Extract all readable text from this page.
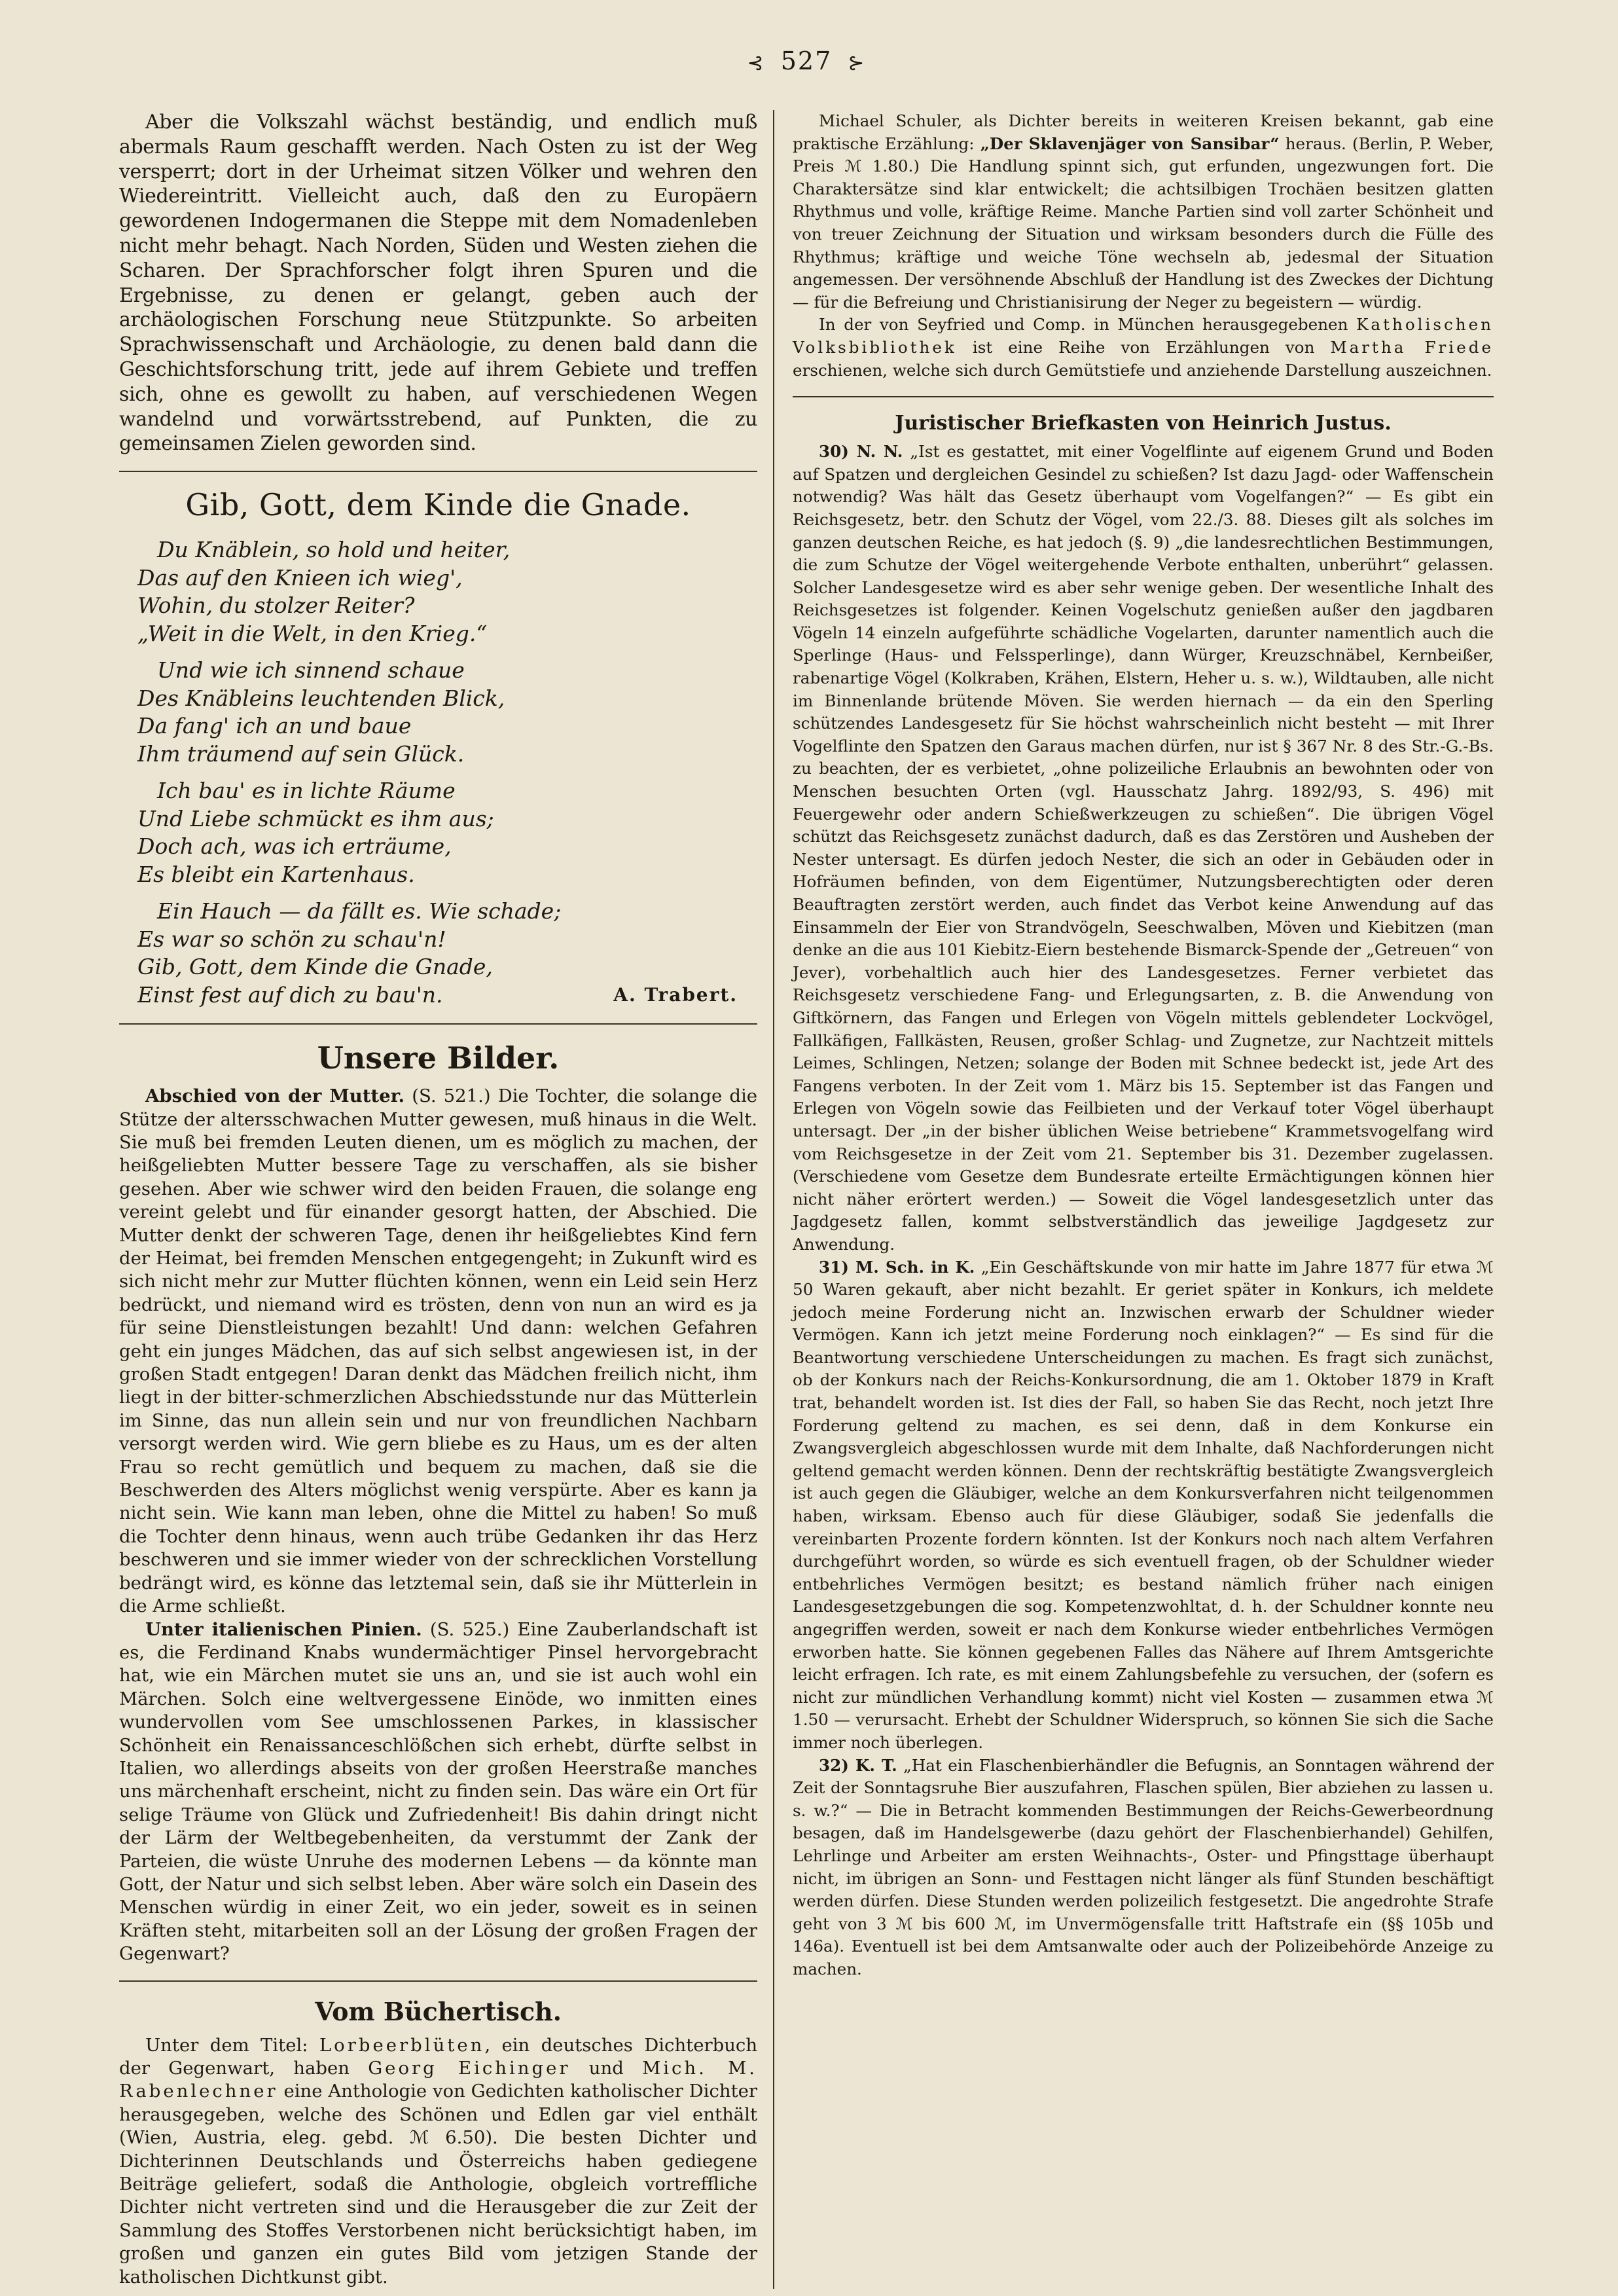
⊰ 527 ⊱

Aber die Volkszahl wächst beständig, und endlich muß abermals Raum geschafft werden. Nach Osten zu ist der Weg versperrt; dort in der Urheimat sitzen Völker und wehren den Wiedereintritt. Vielleicht auch, daß den zu Europäern gewordenen Indogermanen die Steppe mit dem Nomadenleben nicht mehr behagt. Nach Norden, Süden und Westen ziehen die Scharen. Der Sprachforscher folgt ihren Spuren und die Ergebnisse, zu denen er gelangt, geben auch der archäologischen Forschung neue Stützpunkte. So arbeiten Sprachwissenschaft und Archäologie, zu denen bald dann die Geschichtsforschung tritt, jede auf ihrem Gebiete und treffen sich, ohne es gewollt zu haben, auf verschiedenen Wegen wandelnd und vorwärtsstrebend, auf Punkten, die zu gemeinsamen Zielen geworden sind.

Gib, Gott, dem Kinde die Gnade.
Du Knäblein, so hold und heiter,
Das auf den Knieen ich wieg',
Wohin, du stolzer Reiter?
„Weit in die Welt, in den Krieg.“
Und wie ich sinnend schaue
Des Knäbleins leuchtenden Blick,
Da fang' ich an und baue
Ihm träumend auf sein Glück.
Ich bau' es in lichte Räume
Und Liebe schmückt es ihm aus;
Doch ach, was ich erträume,
Es bleibt ein Kartenhaus.
Ein Hauch — da fällt es. Wie schade;
Es war so schön zu schau'n!
Gib, Gott, dem Kinde die Gnade,
Einst fest auf dich zu bau'n.	A. Trabert.
Unsere Bilder.

Abschied von der Mutter. (S. 521.) Die Tochter, die solange die Stütze der altersschwachen Mutter gewesen, muß hinaus in die Welt. Sie muß bei fremden Leuten dienen, um es möglich zu machen, der heißgeliebten Mutter bessere Tage zu verschaffen, als sie bisher gesehen. Aber wie schwer wird den beiden Frauen, die solange eng vereint gelebt und für einander gesorgt hatten, der Abschied. Die Mutter denkt der schweren Tage, denen ihr heißgeliebtes Kind fern der Heimat, bei fremden Menschen entgegengeht; in Zukunft wird es sich nicht mehr zur Mutter flüchten können, wenn ein Leid sein Herz bedrückt, und niemand wird es trösten, denn von nun an wird es ja für seine Dienstleistungen bezahlt! Und dann: welchen Gefahren geht ein junges Mädchen, das auf sich selbst angewiesen ist, in der großen Stadt entgegen! Daran denkt das Mädchen freilich nicht, ihm liegt in der bitter-schmerzlichen Abschiedsstunde nur das Mütterlein im Sinne, das nun allein sein und nur von freundlichen Nachbarn versorgt werden wird. Wie gern bliebe es zu Haus, um es der alten Frau so recht gemütlich und bequem zu machen, daß sie die Beschwerden des Alters möglichst wenig verspürte. Aber es kann ja nicht sein. Wie kann man leben, ohne die Mittel zu haben! So muß die Tochter denn hinaus, wenn auch trübe Gedanken ihr das Herz beschweren und sie immer wieder von der schrecklichen Vorstellung bedrängt wird, es könne das letztemal sein, daß sie ihr Mütterlein in die Arme schließt.

Unter italienischen Pinien. (S. 525.) Eine Zauberlandschaft ist es, die Ferdinand Knabs wundermächtiger Pinsel hervorgebracht hat, wie ein Märchen mutet sie uns an, und sie ist auch wohl ein Märchen. Solch eine weltvergessene Einöde, wo inmitten eines wundervollen vom See umschlossenen Parkes, in klassischer Schönheit ein Renaissanceschlößchen sich erhebt, dürfte selbst in Italien, wo allerdings abseits von der großen Heerstraße manches uns märchenhaft erscheint, nicht zu finden sein. Das wäre ein Ort für selige Träume von Glück und Zufriedenheit! Bis dahin dringt nicht der Lärm der Weltbegebenheiten, da verstummt der Zank der Parteien, die wüste Unruhe des modernen Lebens — da könnte man Gott, der Natur und sich selbst leben. Aber wäre solch ein Dasein des Menschen würdig in einer Zeit, wo ein jeder, soweit es in seinen Kräften steht, mitarbeiten soll an der Lösung der großen Fragen der Gegenwart?

Vom Büchertisch.

Unter dem Titel: Lorbeerblüten, ein deutsches Dichterbuch der Gegenwart, haben Georg Eichinger und Mich. M. Rabenlechner eine Anthologie von Gedichten katholischer Dichter herausgegeben, welche des Schönen und Edlen gar viel enthält (Wien, Austria, eleg. gebd. ℳ 6.50). Die besten Dichter und Dichterinnen Deutschlands und Österreichs haben gediegene Beiträge geliefert, sodaß die Anthologie, obgleich vortreffliche Dichter nicht vertreten sind und die Herausgeber die zur Zeit der Sammlung des Stoffes Verstorbenen nicht berücksichtigt haben, im großen und ganzen ein gutes Bild vom jetzigen Stande der katholischen Dichtkunst gibt.

Michael Schuler, als Dichter bereits in weiteren Kreisen bekannt, gab eine praktische Erzählung: „Der Sklavenjäger von Sansibar“ heraus. (Berlin, P. Weber, Preis ℳ 1.80.) Die Handlung spinnt sich, gut erfunden, ungezwungen fort. Die Charaktersätze sind klar entwickelt; die achtsilbigen Trochäen besitzen glatten Rhythmus und volle, kräftige Reime. Manche Partien sind voll zarter Schönheit und von treuer Zeichnung der Situation und wirksam besonders durch die Fülle des Rhythmus; kräftige und weiche Töne wechseln ab, jedesmal der Situation angemessen. Der versöhnende Abschluß der Handlung ist des Zweckes der Dichtung — für die Befreiung und Christianisirung der Neger zu begeistern — würdig.

In der von Seyfried und Comp. in München herausgegebenen Katholischen Volksbibliothek ist eine Reihe von Erzählungen von Martha Friede erschienen, welche sich durch Gemütstiefe und anziehende Darstellung auszeichnen.

Juristischer Briefkasten von Heinrich Justus.

30) N. N. „Ist es gestattet, mit einer Vogelflinte auf eigenem Grund und Boden auf Spatzen und dergleichen Gesindel zu schießen? Ist dazu Jagd- oder Waffenschein notwendig? Was hält das Gesetz überhaupt vom Vogelfangen?“ — Es gibt ein Reichsgesetz, betr. den Schutz der Vögel, vom 22./3. 88. Dieses gilt als solches im ganzen deutschen Reiche, es hat jedoch (§. 9) „die landesrechtlichen Bestimmungen, die zum Schutze der Vögel weitergehende Verbote enthalten, unberührt“ gelassen. Solcher Landesgesetze wird es aber sehr wenige geben. Der wesentliche Inhalt des Reichsgesetzes ist folgender. Keinen Vogelschutz genießen außer den jagdbaren Vögeln 14 einzeln aufgeführte schädliche Vogelarten, darunter namentlich auch die Sperlinge (Haus- und Felssperlinge), dann Würger, Kreuzschnäbel, Kernbeißer, rabenartige Vögel (Kolkraben, Krähen, Elstern, Heher u. s. w.), Wildtauben, alle nicht im Binnenlande brütende Möven. Sie werden hiernach — da ein den Sperling schützendes Landesgesetz für Sie höchst wahrscheinlich nicht besteht — mit Ihrer Vogelflinte den Spatzen den Garaus machen dürfen, nur ist § 367 Nr. 8 des Str.-G.-Bs. zu beachten, der es verbietet, „ohne polizeiliche Erlaubnis an bewohnten oder von Menschen besuchten Orten (vgl. Hausschatz Jahrg. 1892/93, S. 496) mit Feuergewehr oder andern Schießwerkzeugen zu schießen“. Die übrigen Vögel schützt das Reichsgesetz zunächst dadurch, daß es das Zerstören und Ausheben der Nester untersagt. Es dürfen jedoch Nester, die sich an oder in Gebäuden oder in Hofräumen befinden, von dem Eigentümer, Nutzungsberechtigten oder deren Beauftragten zerstört werden, auch findet das Verbot keine Anwendung auf das Einsammeln der Eier von Strandvögeln, Seeschwalben, Möven und Kiebitzen (man denke an die aus 101 Kiebitz-Eiern bestehende Bismarck-Spende der „Getreuen“ von Jever), vorbehaltlich auch hier des Landesgesetzes. Ferner verbietet das Reichsgesetz verschiedene Fang- und Erlegungsarten, z. B. die Anwendung von Giftkörnern, das Fangen und Erlegen von Vögeln mittels geblendeter Lockvögel, Fallkäfigen, Fallkästen, Reusen, großer Schlag- und Zugnetze, zur Nachtzeit mittels Leimes, Schlingen, Netzen; solange der Boden mit Schnee bedeckt ist, jede Art des Fangens verboten. In der Zeit vom 1. März bis 15. September ist das Fangen und Erlegen von Vögeln sowie das Feilbieten und der Verkauf toter Vögel überhaupt untersagt. Der „in der bisher üblichen Weise betriebene“ Krammetsvogelfang wird vom Reichsgesetze in der Zeit vom 21. September bis 31. Dezember zugelassen. (Verschiedene vom Gesetze dem Bundesrate erteilte Ermächtigungen können hier nicht näher erörtert werden.) — Soweit die Vögel landesgesetzlich unter das Jagdgesetz fallen, kommt selbstverständlich das jeweilige Jagdgesetz zur Anwendung.

31) M. Sch. in K. „Ein Geschäftskunde von mir hatte im Jahre 1877 für etwa ℳ 50 Waren gekauft, aber nicht bezahlt. Er geriet später in Konkurs, ich meldete jedoch meine Forderung nicht an. Inzwischen erwarb der Schuldner wieder Vermögen. Kann ich jetzt meine Forderung noch einklagen?“ — Es sind für die Beantwortung verschiedene Unterscheidungen zu machen. Es fragt sich zunächst, ob der Konkurs nach der Reichs-Konkursordnung, die am 1. Oktober 1879 in Kraft trat, behandelt worden ist. Ist dies der Fall, so haben Sie das Recht, noch jetzt Ihre Forderung geltend zu machen, es sei denn, daß in dem Konkurse ein Zwangsvergleich abgeschlossen wurde mit dem Inhalte, daß Nachforderungen nicht geltend gemacht werden können. Denn der rechtskräftig bestätigte Zwangsvergleich ist auch gegen die Gläubiger, welche an dem Konkursverfahren nicht teilgenommen haben, wirksam. Ebenso auch für diese Gläubiger, sodaß Sie jedenfalls die vereinbarten Prozente fordern könnten. Ist der Konkurs noch nach altem Verfahren durchgeführt worden, so würde es sich eventuell fragen, ob der Schuldner wieder entbehrliches Vermögen besitzt; es bestand nämlich früher nach einigen Landesgesetzgebungen die sog. Kompetenzwohltat, d. h. der Schuldner konnte neu angegriffen werden, soweit er nach dem Konkurse wieder entbehrliches Vermögen erworben hatte. Sie können gegebenen Falles das Nähere auf Ihrem Amtsgerichte leicht erfragen. Ich rate, es mit einem Zahlungsbefehle zu versuchen, der (sofern es nicht zur mündlichen Verhandlung kommt) nicht viel Kosten — zusammen etwa ℳ 1.50 — verursacht. Erhebt der Schuldner Widerspruch, so können Sie sich die Sache immer noch überlegen.

32) K. T. „Hat ein Flaschenbierhändler die Befugnis, an Sonntagen während der Zeit der Sonntagsruhe Bier auszufahren, Flaschen spülen, Bier abziehen zu lassen u. s. w.?“ — Die in Betracht kommenden Bestimmungen der Reichs-Gewerbeordnung besagen, daß im Handelsgewerbe (dazu gehört der Flaschenbierhandel) Gehilfen, Lehrlinge und Arbeiter am ersten Weihnachts-, Oster- und Pfingsttage überhaupt nicht, im übrigen an Sonn- und Festtagen nicht länger als fünf Stunden beschäftigt werden dürfen. Diese Stunden werden polizeilich festgesetzt. Die angedrohte Strafe geht von 3 ℳ bis 600 ℳ, im Unvermögensfalle tritt Haftstrafe ein (§§ 105b und 146a). Eventuell ist bei dem Amtsanwalte oder auch der Polizeibehörde Anzeige zu machen.
